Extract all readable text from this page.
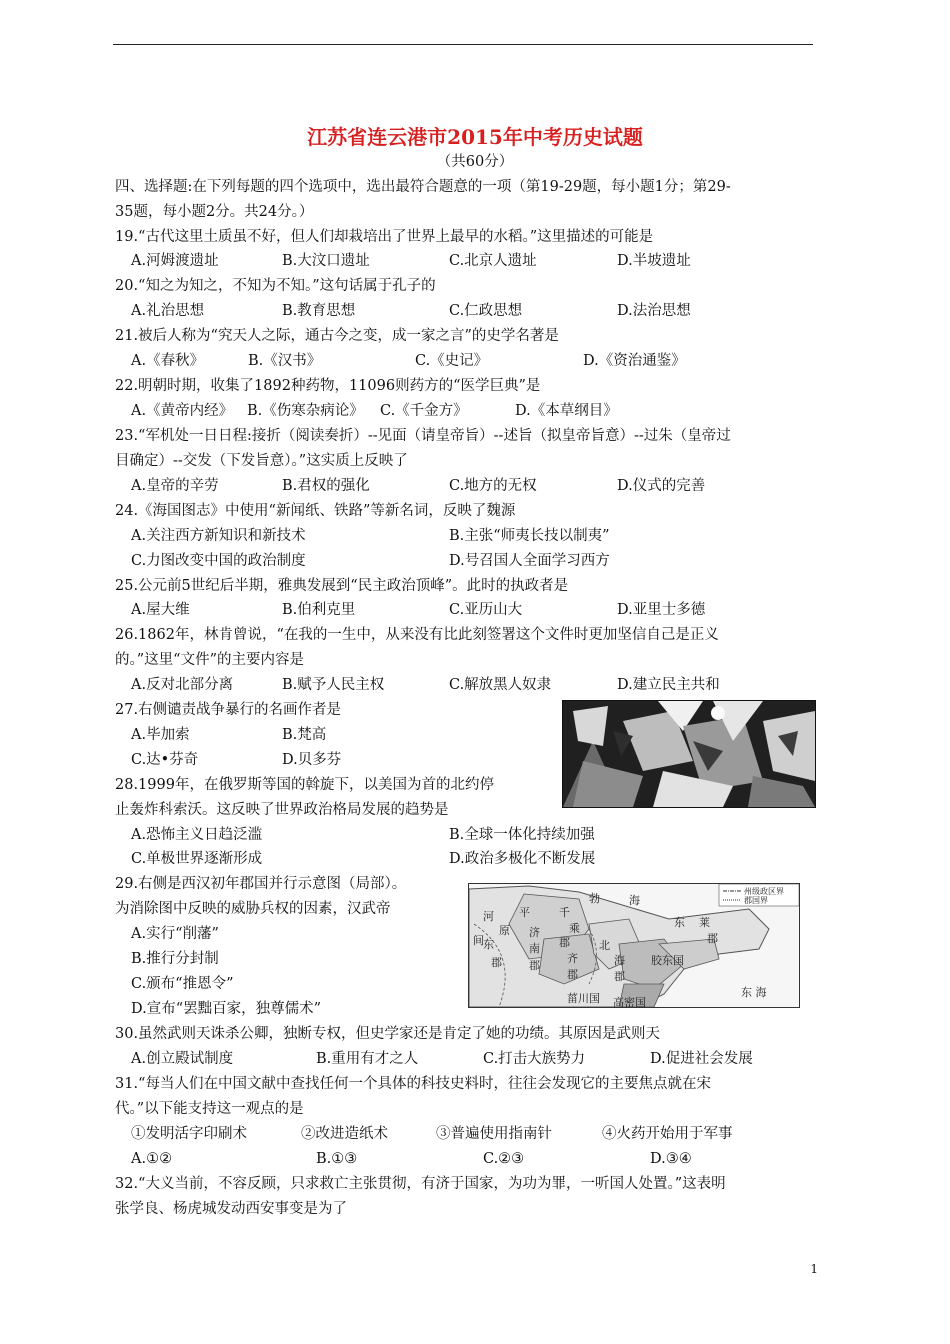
江苏省连云港市2015年中考历史试题
（共60分）
四、选择题:在下列每题的四个选项中，选出最符合题意的一项（第19-29题，每小题1分；第29-
35题，每小题2分。共24分。）
19.“古代这里土质虽不好，但人们却栽培出了世界上最早的水稻。”这里描述的可能是
A.河姆渡遗址	B.大汶口遗址	C.北京人遗址	D.半坡遗址
20.“知之为知之，不知为不知。”这句话属于孔子的
A.礼治思想	B.教育思想	C.仁政思想	D.法治思想
21.被后人称为“究天人之际，通古今之变，成一家之言”的史学名著是
A.《春秋》	B.《汉书》	C.《史记》	D.《资治通鉴》
22.明朝时期，收集了1892种药物，11096则药方的“医学巨典”是
A.《黄帝内经》 B.《伤寒杂病论》 C.《千金方》	D.《本草纲目》
23.“军机处一日日程:接折（阅读奏折）--见面（请皇帝旨）--述旨（拟皇帝旨意）--过朱（皇帝过
目确定）--交发（下发旨意）。”这实质上反映了
A.皇帝的辛劳	B.君权的强化	C.地方的无权	D.仪式的完善
24.《海国图志》中使用“新闻纸、铁路”等新名词，反映了魏源
A.关注西方新知识和新技术	B.主张“师夷长技以制夷”
C.力图改变中国的政治制度	D.号召国人全面学习西方
25.公元前5世纪后半期，雅典发展到“民主政治顶峰”。此时的执政者是
A.屋大维	B.伯利克里	C.亚历山大	D.亚里士多德
26.1862年，林肯曾说，“在我的一生中，从来没有比此刻签署这个文件时更加坚信自己是正义
的。”这里“文件”的主要内容是
A.反对北部分离	B.赋予人民主权	C.解放黑人奴隶	D.建立民主共和
27.右侧谴责战争暴行的名画作者是
A.毕加索	B.梵高
C.达•芬奇	D.贝多芬
28.1999年，在俄罗斯等国的斡旋下，以美国为首的北约停
止轰炸科索沃。这反映了世界政治格局发展的趋势是
A.恐怖主义日趋泛滥	B.全球一体化持续加强
C.单极世界逐渐形成	D.政治多极化不断发展
29.右侧是西汉初年郡国并行示意图（局部）。
为消除图中反映的威胁兵权的因素，汉武帝
A.实行“削藩”
B.推行分封制
C.颁布“推恩令”
D.宣布“罢黜百家，独尊儒术”
州级政区界
郡国界
河
间 东
郡
平
原
千
乘
郡
济
南
郡
勃	海
齐
郡
北
海
郡
胶东国
东 莱
郡
菑川国 高密国
东 海
30.虽然武则天诛杀公卿，独断专权，但史学家还是肯定了她的功绩。其原因是武则天
A.创立殿试制度	B.重用有才之人	C.打击大族势力	D.促进社会发展
31.“每当人们在中国文献中查找任何一个具体的科技史料时，往往会发现它的主要焦点就在宋
代。”以下能支持这一观点的是
①发明活字印刷术	②改进造纸术	③普遍使用指南针	④火药开始用于军事
A.①②	B.①③	C.②③	D.③④
32.“大义当前，不容反顾，只求救亡主张贯彻，有济于国家，为功为罪，一听国人处置。”这表明
张学良、杨虎城发动西安事变是为了
1
